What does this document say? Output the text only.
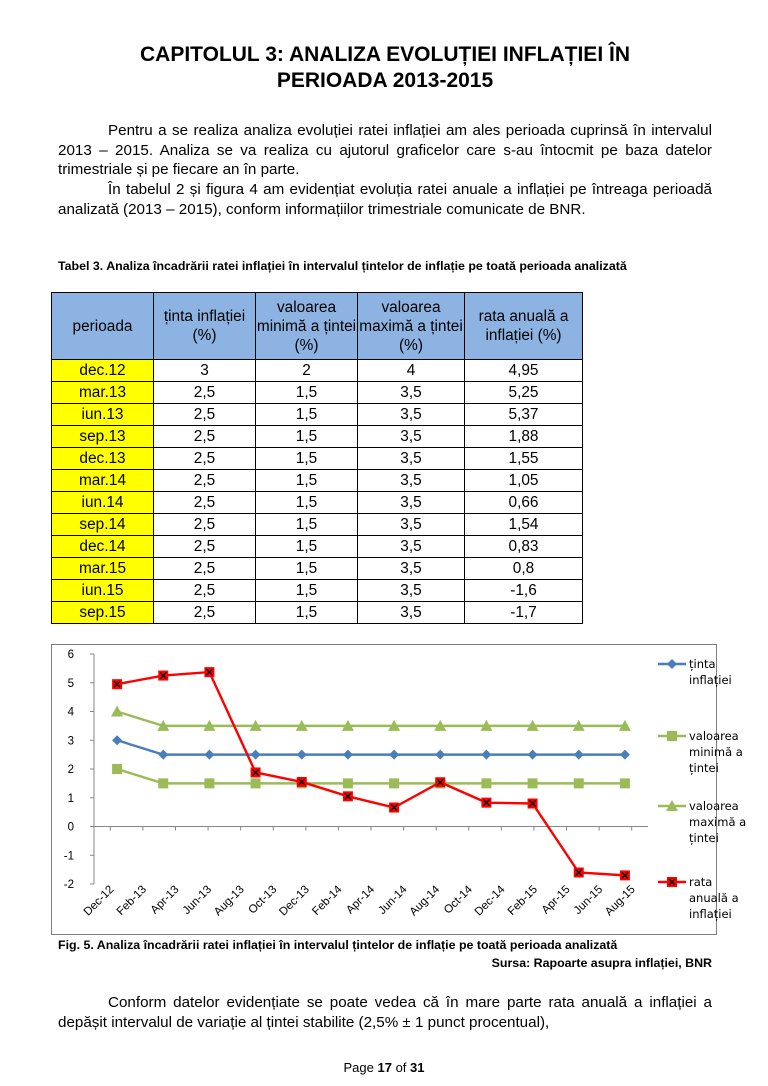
CAPITOLUL 3: ANALIZA EVOLUȚIEI INFLAȚIEI ÎN
PERIOADA 2013-2015
Pentru a se realiza analiza evoluției ratei inflației am ales perioada cuprinsă în intervalul 2013 – 2015. Analiza se va realiza cu ajutorul graficelor care s-au întocmit pe baza datelor trimestriale și pe fiecare an în parte.
În tabelul 2 și figura 4 am evidențiat evoluția ratei anuale a inflației pe întreaga perioadă analizată (2013 – 2015), conform informațiilor trimestriale comunicate de BNR.
Tabel 3. Analiza încadrării ratei inflației în intervalul țintelor de inflație pe toată perioada analizată
perioada	ținta inflației (%)	valoarea minimă a țintei (%)	valoarea maximă a țintei (%)	rata anuală a inflației (%)
dec.12	3	2	4	4,95
mar.13	2,5	1,5	3,5	5,25
iun.13	2,5	1,5	3,5	5,37
sep.13	2,5	1,5	3,5	1,88
dec.13	2,5	1,5	3,5	1,55
mar.14	2,5	1,5	3,5	1,05
iun.14	2,5	1,5	3,5	0,66
sep.14	2,5	1,5	3,5	1,54
dec.14	2,5	1,5	3,5	0,83
mar.15	2,5	1,5	3,5	0,8
iun.15	2,5	1,5	3,5	-1,6
sep.15	2,5	1,5	3,5	-1,7
-2
-1
0
1
2
3
4
5
6
Dec-12
Feb-13 Apr-13 Jun-13
Aug-13 Oct-13
Dec-13
Feb-14 Apr-14 Jun-14
Aug-14 Oct-14
Dec-14
Feb-15 Apr-15 Jun-15
Aug-15
ținta inflației
valoarea minimă a țintei
valoarea maximă a țintei
rata anuală a inflației
Fig. 5. Analiza încadrării ratei inflației în intervalul țintelor de inflație pe toată perioada analizată
Sursa: Rapoarte asupra inflației, BNR
Conform datelor evidențiate se poate vedea că în mare parte rata anuală a inflației a depășit intervalul de variație al țintei stabilite (2,5% ± 1 punct procentual),
Page 17 of 31
